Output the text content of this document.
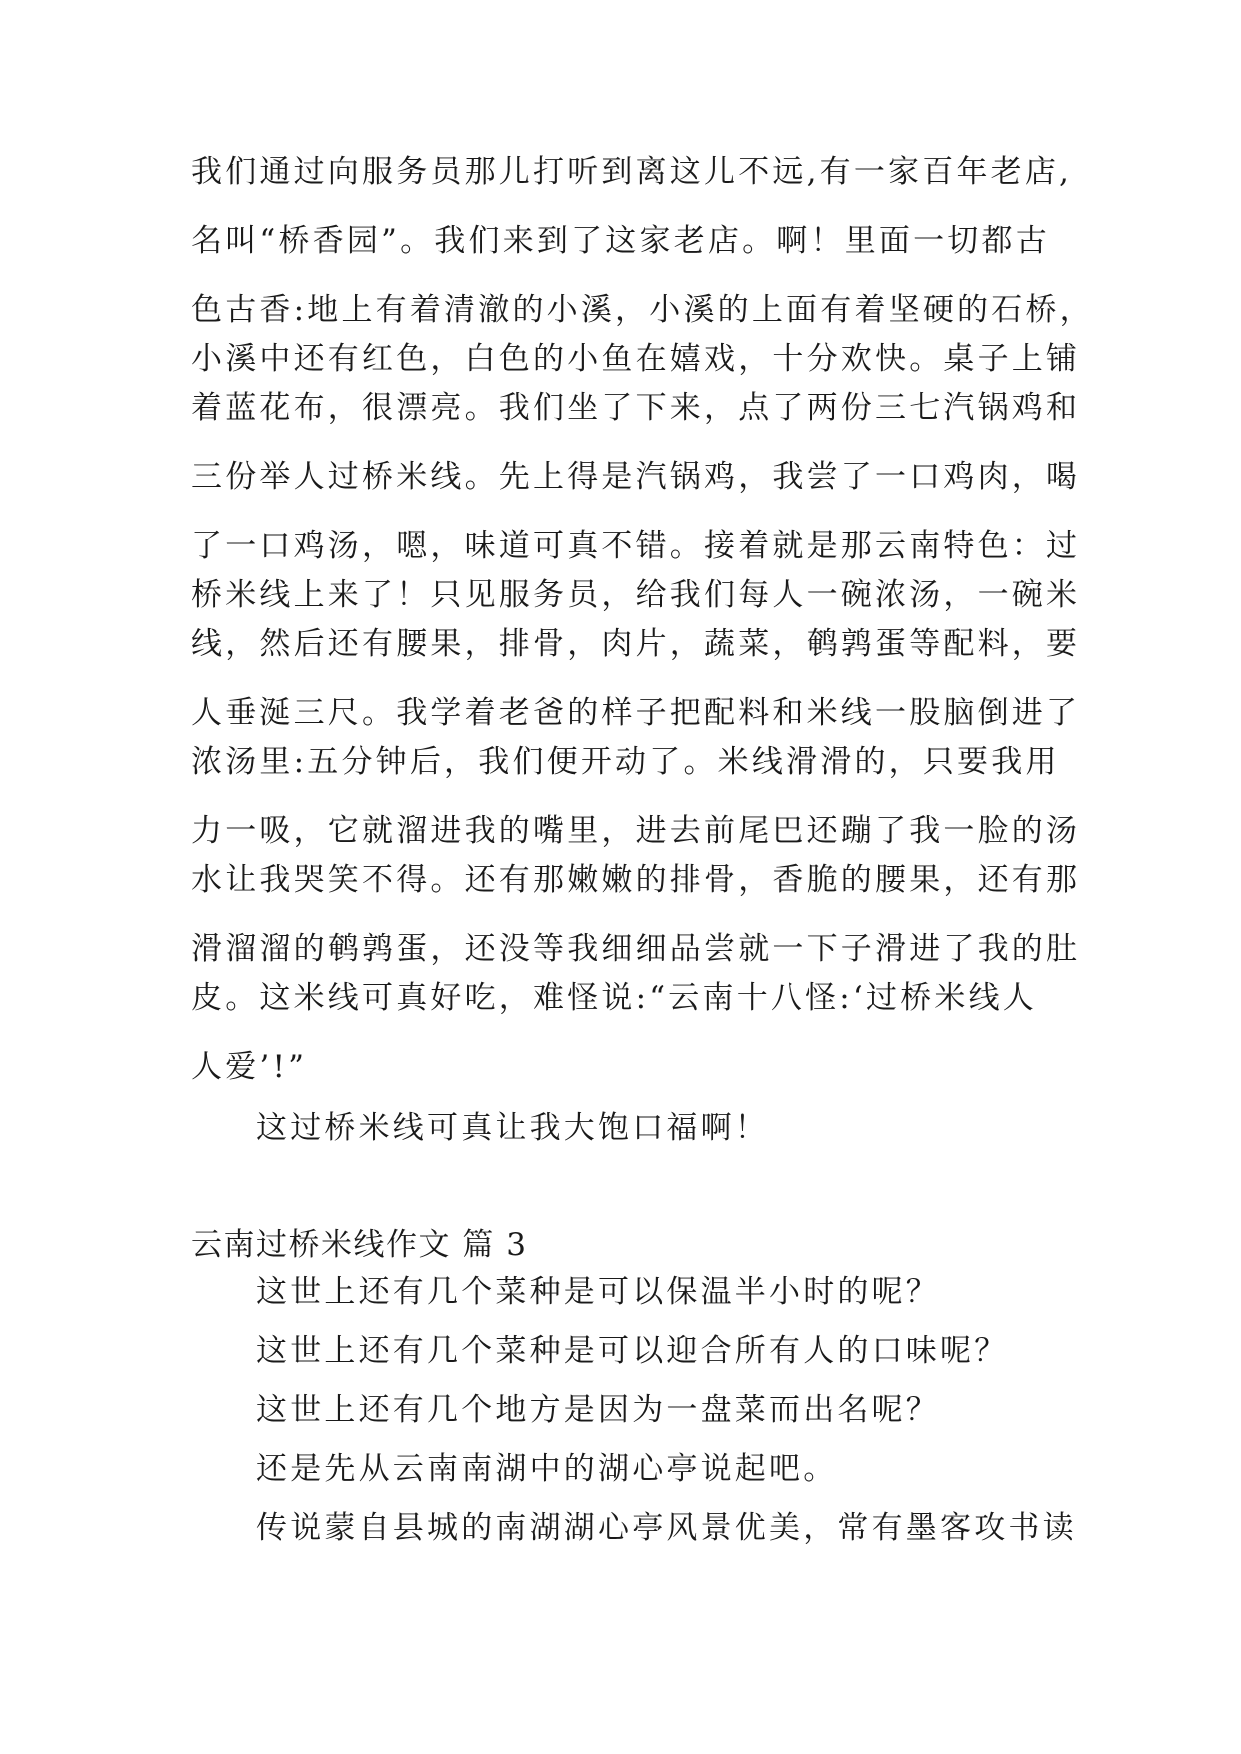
我们通过向服务员那儿打听到离这儿不远,有一家百年老店,
名叫“桥香园”。我们来到了这家老店。啊！里面一切都古
色古香:地上有着清澈的小溪，小溪的上面有着坚硬的石桥，
小溪中还有红色，白色的小鱼在嬉戏，十分欢快。桌子上铺
着蓝花布，很漂亮。我们坐了下来，点了两份三七汽锅鸡和
三份举人过桥米线。先上得是汽锅鸡，我尝了一口鸡肉，喝
了一口鸡汤，嗯，味道可真不错。接着就是那云南特色：过
桥米线上来了！只见服务员，给我们每人一碗浓汤，一碗米
线，然后还有腰果，排骨，肉片，蔬菜，鹌鹑蛋等配料，要
人垂涎三尺。我学着老爸的样子把配料和米线一股脑倒进了
浓汤里:五分钟后，我们便开动了。米线滑滑的，只要我用
力一吸，它就溜进我的嘴里，进去前尾巴还蹦了我一脸的汤
水让我哭笑不得。还有那嫩嫩的排骨，香脆的腰果，还有那
滑溜溜的鹌鹑蛋，还没等我细细品尝就一下子滑进了我的肚
皮。这米线可真好吃，难怪说:“云南十八怪:‘过桥米线人
人爱’!”
这过桥米线可真让我大饱口福啊！
云南过桥米线作文 篇 3
这世上还有几个菜种是可以保温半小时的呢？
这世上还有几个菜种是可以迎合所有人的口味呢？
这世上还有几个地方是因为一盘菜而出名呢？
还是先从云南南湖中的湖心亭说起吧。
传说蒙自县城的南湖湖心亭风景优美，常有墨客攻书读
